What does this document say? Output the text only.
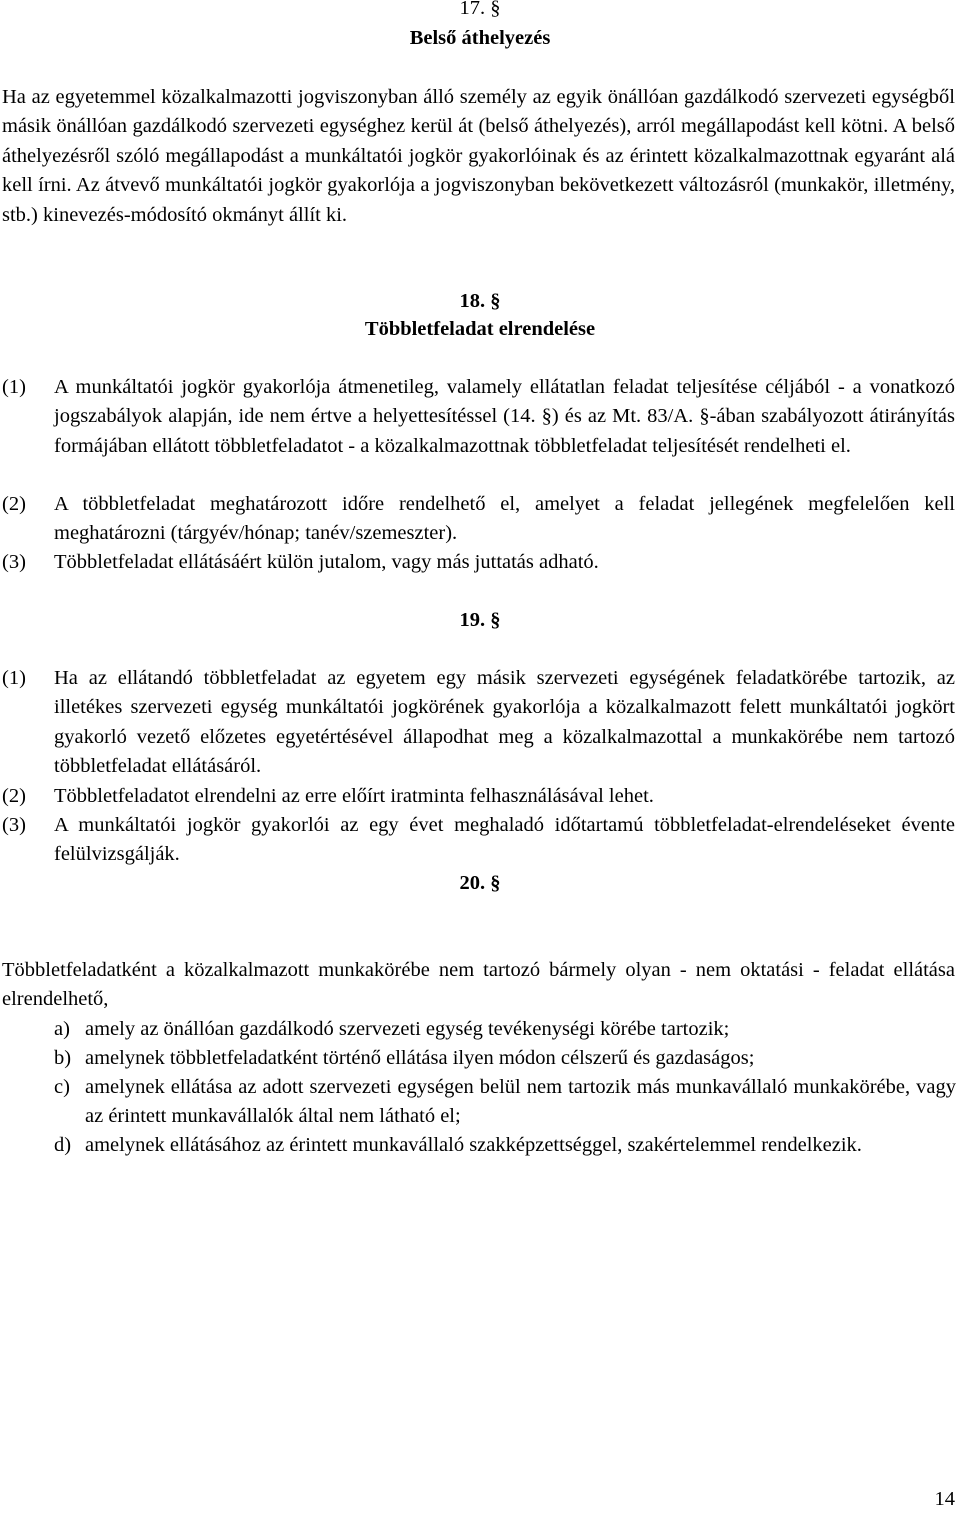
17. §

Belső áthelyezés

Ha az egyetemmel közalkalmazotti jogviszonyban álló személy az egyik önállóan gazdálkodó szervezeti egységből másik önállóan gazdálkodó szervezeti egységhez kerül át (belső áthelyezés), arról megállapodást kell kötni. A belső áthelyezésről szóló megállapodást a munkáltatói jogkör gyakorlóinak és az érintett közalkalmazottnak egyaránt alá kell írni. Az átvevő munkáltatói jogkör gyakorlója a jogviszonyban bekövetkezett változásról (munkakör, illetmény, stb.) kinevezés-módosító okmányt állít ki.

18. §

Többletfeladat elrendelése

(1) A munkáltatói jogkör gyakorlója átmenetileg, valamely ellátatlan feladat teljesítése céljából - a vonatkozó jogszabályok alapján, ide nem értve a helyettesítéssel (14. §) és az Mt. 83/A. §-ában szabályozott átirányítás formájában ellátott többletfeladatot - a közalkalmazottnak többletfeladat teljesítését rendelheti el.
(2) A többletfeladat meghatározott időre rendelhető el, amelyet a feladat jellegének megfelelően kell meghatározni (tárgyév/hónap; tanév/szemeszter).
(3) Többletfeladat ellátásáért külön jutalom, vagy más juttatás adható.

19. §

(1) Ha az ellátandó többletfeladat az egyetem egy másik szervezeti egységének feladatkörébe tartozik, az illetékes szervezeti egység munkáltatói jogkörének gyakorlója a közalkalmazott felett munkáltatói jogkört gyakorló vezető előzetes egyetértésével állapodhat meg a közalkalmazottal a munkakörébe nem tartozó többletfeladat ellátásáról.
(2) Többletfeladatot elrendelni az erre előírt iratminta felhasználásával lehet.
(3) A munkáltatói jogkör gyakorlói az egy évet meghaladó időtartamú többletfeladat-elrendeléseket évente felülvizsgálják.

20. §

Többletfeladatként a közalkalmazott munkakörébe nem tartozó bármely olyan - nem oktatási - feladat ellátása elrendelhető,

a) amely az önállóan gazdálkodó szervezeti egység tevékenységi körébe tartozik;
b) amelynek többletfeladatként történő ellátása ilyen módon célszerű és gazdaságos;
c) amelynek ellátása az adott szervezeti egységen belül nem tartozik más munkavállaló munkakörébe, vagy az érintett munkavállalók által nem látható el;
d) amelynek ellátásához az érintett munkavállaló szakképzettséggel, szakértelemmel rendelkezik.

14
